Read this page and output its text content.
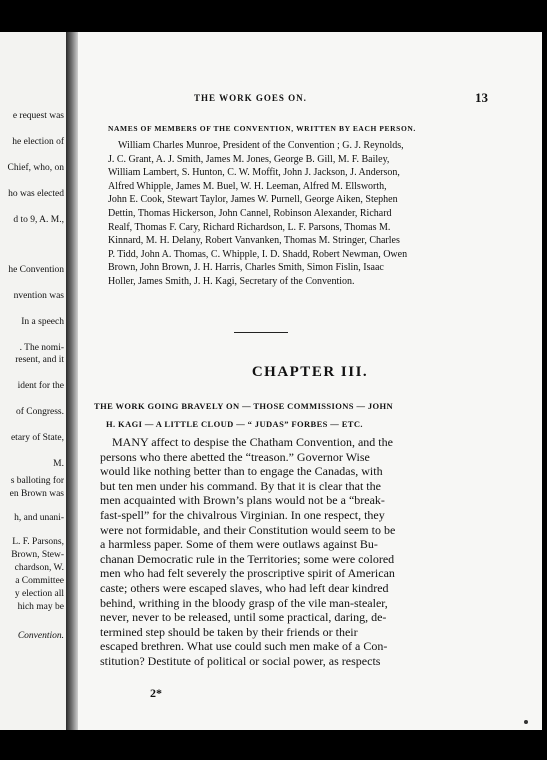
e request was
he election of
Chief, who, on
ho was elected
d to 9, A. M.,
he Convention
nvention was
In a speech
. The nomi-
resent, and it
ident for the
of Congress.
etary of State,
M.
s balloting for
en Brown was
h, and unani-
L. F. Parsons,
Brown, Stew-
chardson, W.
a Committee
y election all
hich may be
Convention.
THE WORK GOES ON.	13
NAMES OF MEMBERS OF THE CONVENTION, WRITTEN BY EACH PERSON.
William Charles Munroe, President of the Convention ; G. J. Reynolds,
J. C. Grant, A. J. Smith, James M. Jones, George B. Gill, M. F. Bailey,
William Lambert, S. Hunton, C. W. Moffit, John J. Jackson, J. Anderson,
Alfred Whipple, James M. Buel, W. H. Leeman, Alfred M. Ellsworth,
John E. Cook, Stewart Taylor, James W. Purnell, George Aiken, Stephen
Dettin, Thomas Hickerson, John Cannel, Robinson Alexander, Richard
Realf, Thomas F. Cary, Richard Richardson, L. F. Parsons, Thomas M.
Kinnard, M. H. Delany, Robert Vanvanken, Thomas M. Stringer, Charles
P. Tidd, John A. Thomas, C. Whipple, I. D. Shadd, Robert Newman, Owen
Brown, John Brown, J. H. Harris, Charles Smith, Simon Fislin, Isaac
Holler, James Smith, J. H. Kagi, Secretary of the Convention.
CHAPTER III.
THE WORK GOING BRAVELY ON — THOSE COMMISSIONS — JOHN
H. KAGI — A LITTLE CLOUD — “ JUDAS” FORBES — ETC.
MANY affect to despise the Chatham Convention, and the
persons who there abetted the “treason.” Governor Wise
would like nothing better than to engage the Canadas, with
but ten men under his command. By that it is clear that the
men acquainted with Brown’s plans would not be a “break-
fast-spell” for the chivalrous Virginian. In one respect, they
were not formidable, and their Constitution would seem to be
a harmless paper. Some of them were outlaws against Bu-
chanan Democratic rule in the Territories; some were colored
men who had felt severely the proscriptive spirit of American
caste; others were escaped slaves, who had left dear kindred
behind, writhing in the bloody grasp of the vile man-stealer,
never, never to be released, until some practical, daring, de-
termined step should be taken by their friends or their
escaped brethren. What use could such men make of a Con-
stitution? Destitute of political or social power, as respects
2*
